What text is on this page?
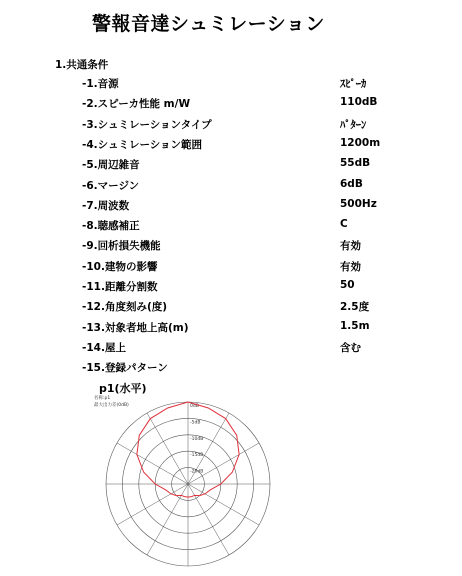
警報音達シュミレーション
1.共通条件
-1.音源	ｽﾋﾟｰｶ
-2.スピーカ性能 m/W	110dB
-3.シュミレーションタイプ	ﾊﾟﾀｰﾝ
-4.シュミレーション範囲	1200m
-5.周辺雑音	55dB
-6.マージン	6dB
-7.周波数	500Hz
-8.聴感補正	C
-9.回析損失機能	有効
-10.建物の影響	有効
-11.距離分割数	50
-12.角度刻み(度)	2.5度
-13.対象者地上高(m)	1.5m
-14.屋上	含む
-15.登録パターン
p1(水平)
名称:p1
最大出力差(0dB)	0dB
-5dB
-10dB
-15dB
-20dB
